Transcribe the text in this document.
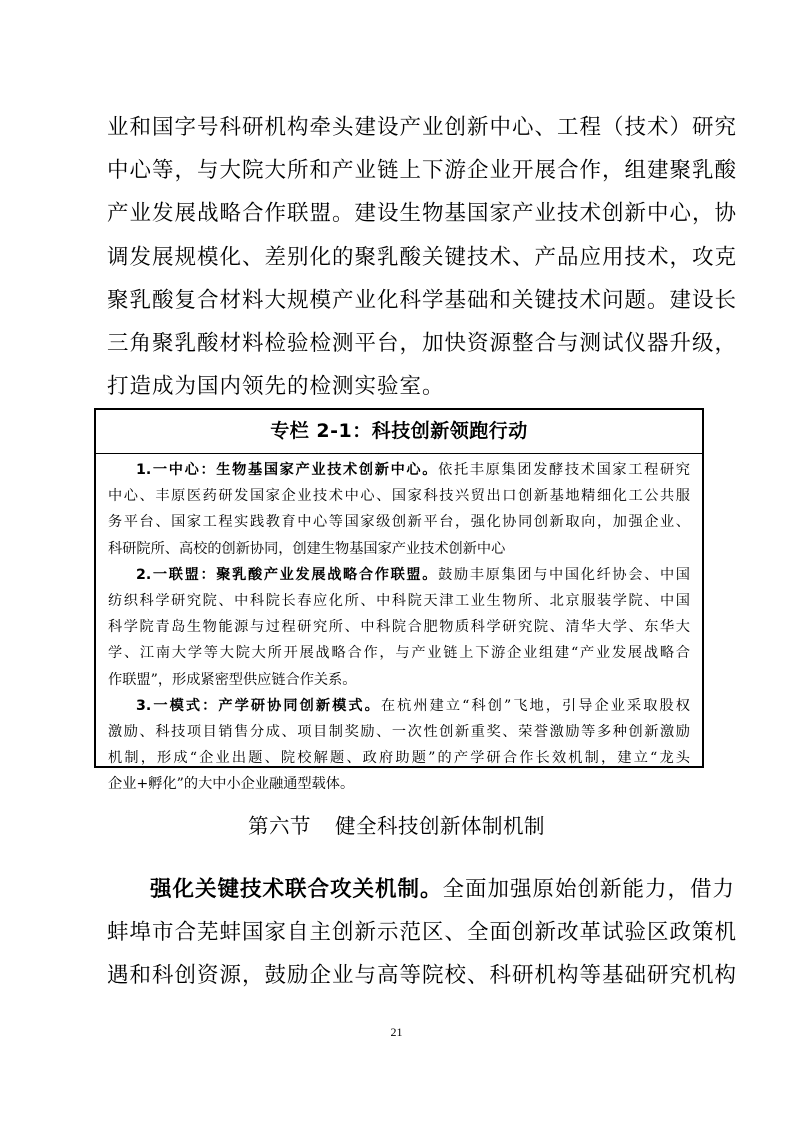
业和国字号科研机构牵头建设产业创新中心、工程（技术）研究
中心等，与大院大所和产业链上下游企业开展合作，组建聚乳酸
产业发展战略合作联盟。建设生物基国家产业技术创新中心，协
调发展规模化、差别化的聚乳酸关键技术、产品应用技术，攻克
聚乳酸复合材料大规模产业化科学基础和关键技术问题。建设长
三角聚乳酸材料检验检测平台，加快资源整合与测试仪器升级，
打造成为国内领先的检测实验室。
专栏 2-1：科技创新领跑行动
1.一中心：生物基国家产业技术创新中心。依托丰原集团发酵技术国家工程研究
中心、丰原医药研发国家企业技术中心、国家科技兴贸出口创新基地精细化工公共服
务平台、国家工程实践教育中心等国家级创新平台，强化协同创新取向，加强企业、
科研院所、高校的创新协同，创建生物基国家产业技术创新中心
2.一联盟：聚乳酸产业发展战略合作联盟。鼓励丰原集团与中国化纤协会、中国
纺织科学研究院、中科院长春应化所、中科院天津工业生物所、北京服装学院、中国
科学院青岛生物能源与过程研究所、中科院合肥物质科学研究院、清华大学、东华大
学、江南大学等大院大所开展战略合作，与产业链上下游企业组建“产业发展战略合
作联盟”，形成紧密型供应链合作关系。
3.一模式：产学研协同创新模式。在杭州建立“科创”飞地，引导企业采取股权
激励、科技项目销售分成、项目制奖励、一次性创新重奖、荣誉激励等多种创新激励
机制，形成“企业出题、院校解题、政府助题”的产学研合作长效机制，建立“龙头
企业+孵化”的大中小企业融通型载体。
第六节 健全科技创新体制机制
强化关键技术联合攻关机制。全面加强原始创新能力，借力
蚌埠市合芜蚌国家自主创新示范区、全面创新改革试验区政策机
遇和科创资源，鼓励企业与高等院校、科研机构等基础研究机构
21
